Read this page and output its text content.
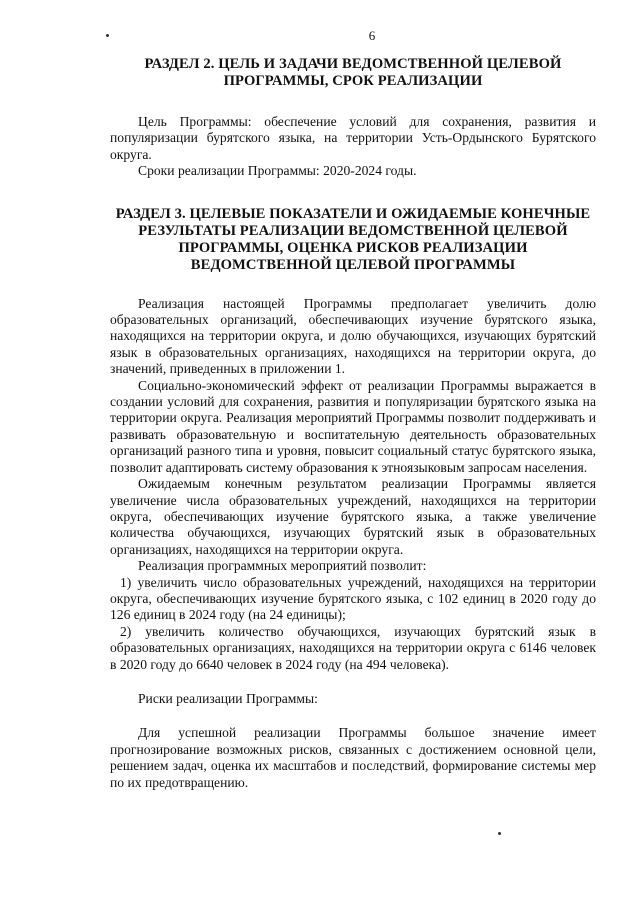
6
РАЗДЕЛ 2. ЦЕЛЬ И ЗАДАЧИ ВЕДОМСТВЕННОЙ ЦЕЛЕВОЙ
ПРОГРАММЫ, СРОК РЕАЛИЗАЦИИ

Цель Программы: обеспечение условий для сохранения, развития и популяризации бурятского языка, на территории Усть-Ордынского Бурятского округа.

Сроки реализации Программы: 2020-2024 годы.

РАЗДЕЛ 3. ЦЕЛЕВЫЕ ПОКАЗАТЕЛИ И ОЖИДАЕМЫЕ КОНЕЧНЫЕ
РЕЗУЛЬТАТЫ РЕАЛИЗАЦИИ ВЕДОМСТВЕННОЙ ЦЕЛЕВОЙ
ПРОГРАММЫ, ОЦЕНКА РИСКОВ РЕАЛИЗАЦИИ
ВЕДОМСТВЕННОЙ ЦЕЛЕВОЙ ПРОГРАММЫ

Реализация настоящей Программы предполагает увеличить долю образовательных организаций, обеспечивающих изучение бурятского языка, находящихся на территории округа, и долю обучающихся, изучающих бурятский язык в образовательных организациях, находящихся на территории округа, до значений, приведенных в приложении 1.

Социально-экономический эффект от реализации Программы выражается в создании условий для сохранения, развития и популяризации бурятского языка на территории округа. Реализация мероприятий Программы позволит поддерживать и развивать образовательную и воспитательную деятельность образовательных организаций разного типа и уровня, повысит социальный статус бурятского языка, позволит адаптировать систему образования к этноязыковым запросам населения.

Ожидаемым конечным результатом реализации Программы является увеличение числа образовательных учреждений, находящихся на территории округа, обеспечивающих изучение бурятского языка, а также увеличение количества обучающихся, изучающих бурятский язык в образовательных организациях, находящихся на территории округа.

Реализация программных мероприятий позволит:

1) увеличить число образовательных учреждений, находящихся на территории округа, обеспечивающих изучение бурятского языка, с 102 единиц в 2020 году до 126 единиц в 2024 году (на 24 единицы);

2) увеличить количество обучающихся, изучающих бурятский язык в образовательных организациях, находящихся на территории округа с 6146 человек в 2020 году до 6640 человек в 2024 году (на 494 человека).

Риски реализации Программы:

Для успешной реализации Программы большое значение имеет прогнозирование возможных рисков, связанных с достижением основной цели, решением задач, оценка их масштабов и последствий, формирование системы мер по их предотвращению.
